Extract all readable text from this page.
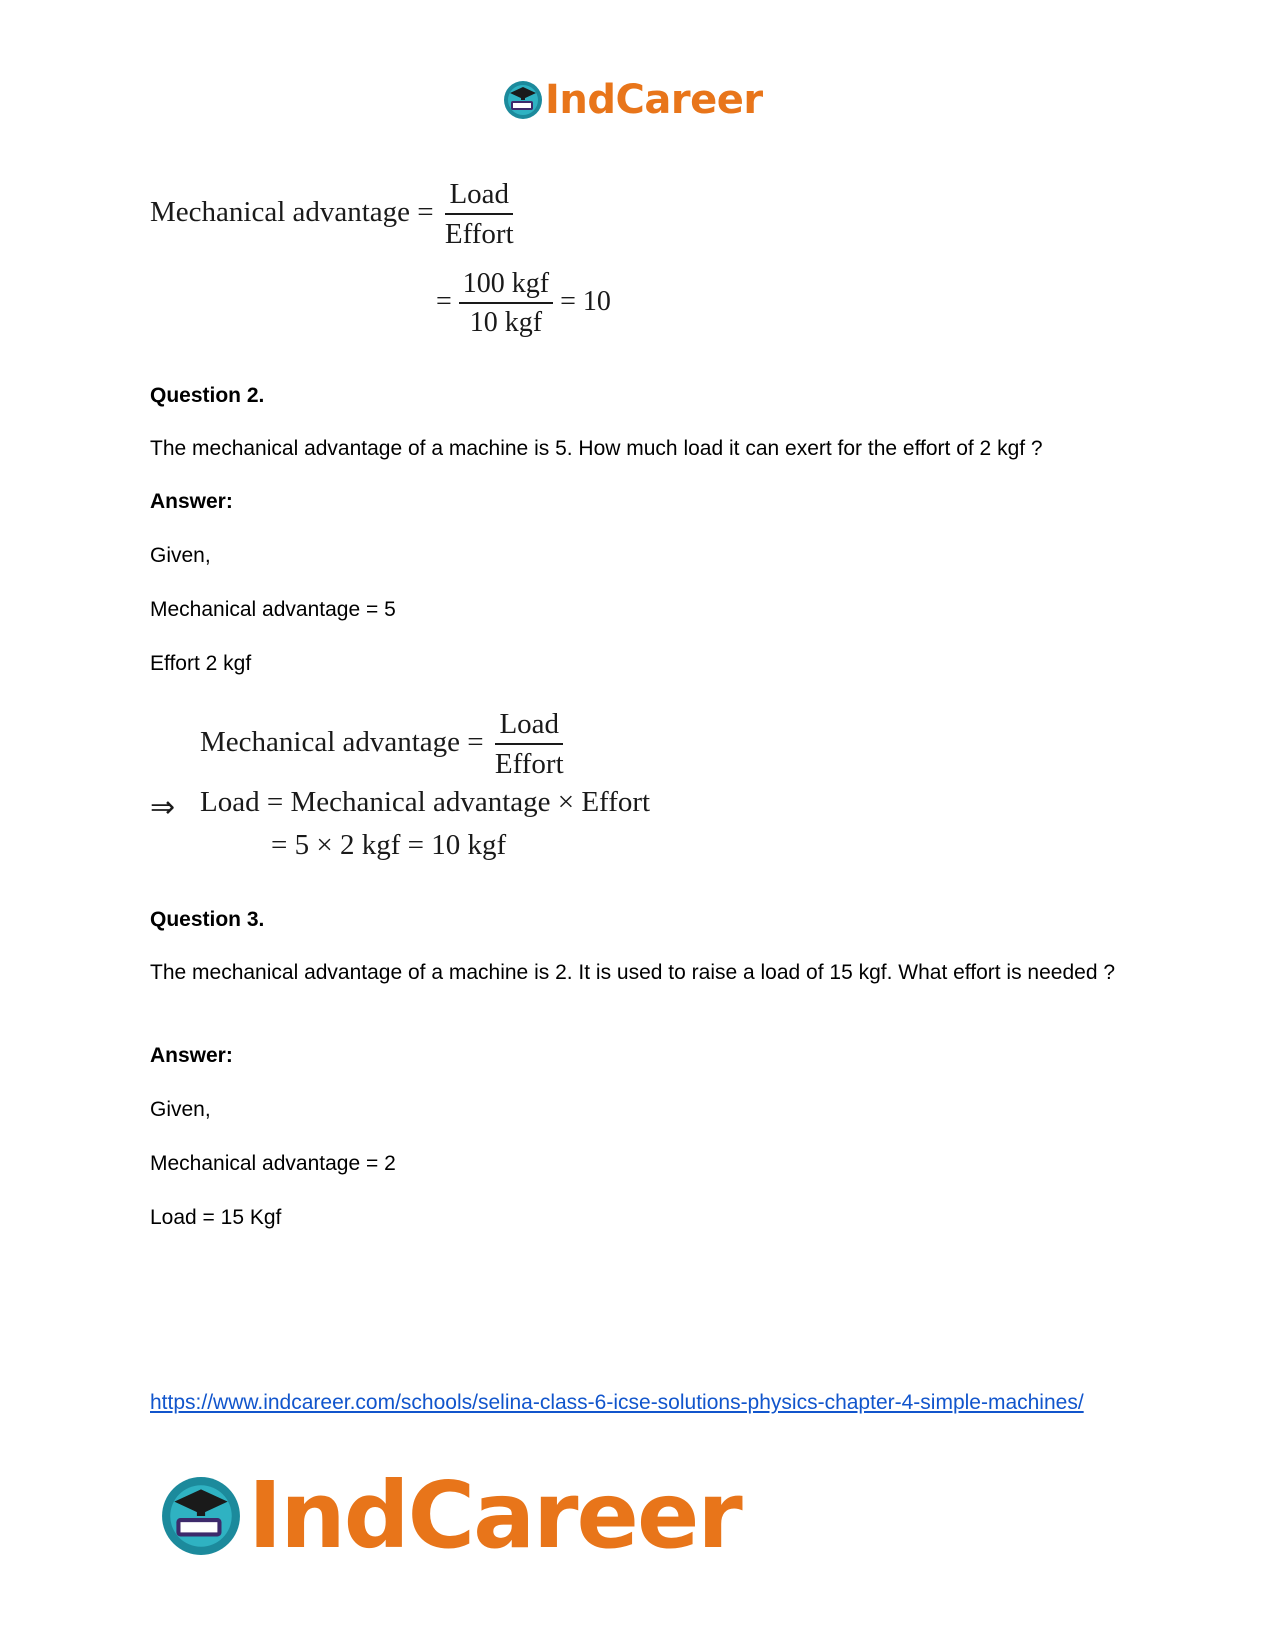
IndCareer
Mechanical advantage = $\frac{\text{Load}}{\text{Effort}}$
= $\frac{\text{100 kgf}}{\text{10 kgf}} = 10$
Question 2.
The mechanical advantage of a machine is 5. How much load it can exert for the effort of 2 kgf ?
Answer:
Given,
Mechanical advantage = 5
Effort 2 kgf
Mechanical advantage = $\frac{\text{Load}}{\text{Effort}}$
⇒ Load = Mechanical advantage × Effort
= 5 × 2 kgf = 10 kgf
Question 3.
The mechanical advantage of a machine is 2. It is used to raise a load of 15 kgf. What effort is needed ?
Answer:
Given,
Mechanical advantage = 2
Load = 15 Kgf
https://www.indcareer.com/schools/selina-class-6-icse-solutions-physics-chapter-4-simple-machines/
IndCareer
